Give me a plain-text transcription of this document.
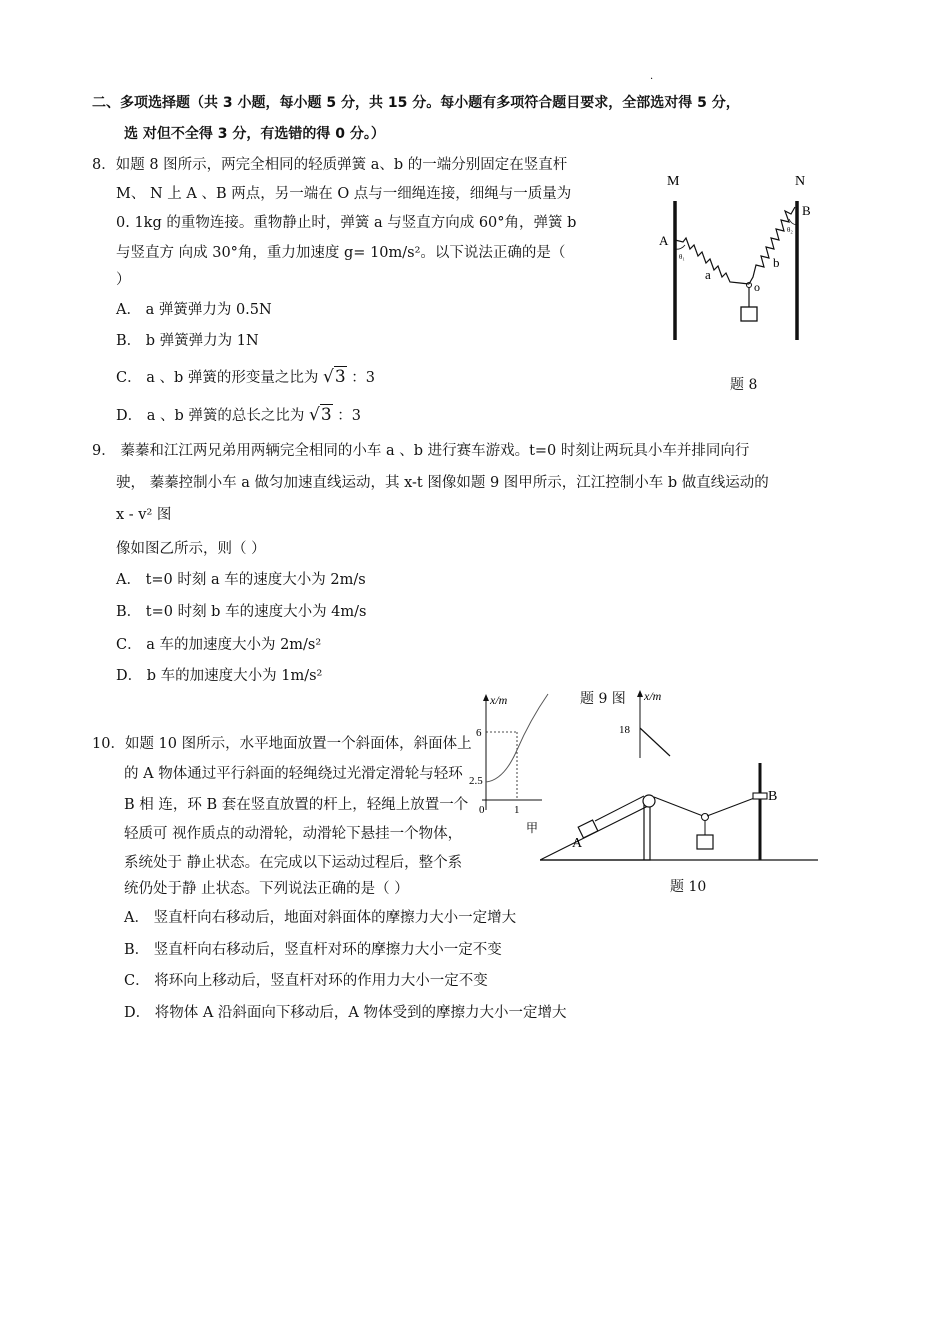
·
二、多项选择题（共 3 小题，每小题 5 分，共 15 分。每小题有多项符合题目要求，全部选对得 5 分，
选 对但不全得 3 分，有选错的得 0 分。）
8．如题 8 图所示，两完全相同的轻质弹簧 a、b 的一端分别固定在竖直杆
M、 N 上 A 、B 两点，另一端在 O 点与一细绳连接，细绳与一质量为
0. 1kg 的重物连接。重物静止时，弹簧 a 与竖直方向成 60°角，弹簧 b
与竖直方 向成 30°角，重力加速度 g= 10m/s²。以下说法正确的是（
）
A． a 弹簧弹力为 0.5N
B． b 弹簧弹力为 1N
C． a 、b 弹簧的形变量之比为 √3 ：3
D． a 、b 弹簧的总长之比为 √3 ：3
M	N
A
B
θ₁
θ₂
a
b
o
题 8
9． 蓁蓁和江江两兄弟用两辆完全相同的小车 a 、b 进行赛车游戏。t=0 时刻让两玩具小车并排同向行
驶， 蓁蓁控制小车 a 做匀加速直线运动，其 x-t 图像如题 9 图甲所示，江江控制小车 b 做直线运动的
x - v² 图
像如图乙所示，则（ ）
A． t=0 时刻 a 车的速度大小为 2m/s
B． t=0 时刻 b 车的速度大小为 4m/s
C． a 车的加速度大小为 2m/s²
D． b 车的加速度大小为 1m/s²
题 9 图
x/m
6
2.5
0	1
甲
x/m
18
10．如题 10 图所示，水平地面放置一个斜面体，斜面体上
的 A 物体通过平行斜面的轻绳绕过光滑定滑轮与轻环
B 相 连，环 B 套在竖直放置的杆上，轻绳上放置一个
轻质可 视作质点的动滑轮，动滑轮下悬挂一个物体，
系统处于 静止状态。在完成以下运动过程后，整个系
统仍处于静 止状态。下列说法正确的是（ ）
A． 竖直杆向右移动后，地面对斜面体的摩擦力大小一定增大
B． 竖直杆向右移动后，竖直杆对环的摩擦力大小一定不变
C． 将环向上移动后，竖直杆对环的作用力大小一定不变
D． 将物体 A 沿斜面向下移动后，A 物体受到的摩擦力大小一定增大
A
B
题 10
